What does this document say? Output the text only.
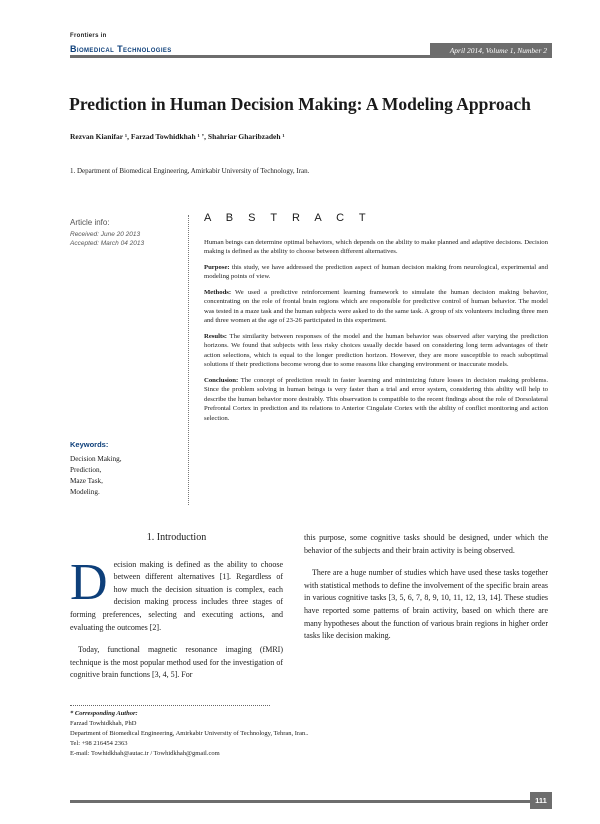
Frontiers in
Biomedical Technologies	April 2014, Volume 1, Number 2
Prediction in Human Decision Making: A Modeling Approach
Rezvan Kianifar ¹, Farzad Towhidkhah ¹ ʼ, Shahriar Gharibzadeh ¹
1. Department of Biomedical Engineering, Amirkabir University of Technology, Iran.
Article info:
Received: June 20 2013
Accepted: March 04 2013
Keywords:
Decision Making,
Prediction,
Maze Task,
Modeling.
A B S T R A C T

Human beings can determine optimal behaviors, which depends on the ability to make planned and adaptive decisions. Decision making is defined as the ability to choose between different alternatives.

Purpose: this study, we have addressed the prediction aspect of human decision making from neurological, experimental and modeling points of view.

Methods: We used a predictive reinforcement learning framework to simulate the human decision making behavior, concentrating on the role of frontal brain regions which are responsible for predictive control of human behavior. The model was tested in a maze task and the human subjects were asked to do the same task. A group of six volunteers including three men and three women at the age of 23-26 participated in this experiment.

Results: The similarity between responses of the model and the human behavior was observed after varying the prediction horizons. We found that subjects with less risky choices usually decide based on considering long term advantages of their action selections, which is equal to the longer prediction horizon. However, they are more susceptible to reach suboptimal solutions if their predictions become wrong due to some reasons like changing environment or inaccurate models.

Conclusion: The concept of prediction result in faster learning and minimizing future losses in decision making problems. Since the problem solving in human beings is very faster than a trial and error system, considering this ability will help to describe the human behavior more desirably. This observation is compatible to the recent findings about the role of Dorsolateral Prefrontal Cortex in prediction and its relations to Anterior Cingulate Cortex with the ability of conflict monitoring and action selection.

1. Introduction

Decision making is defined as the ability to choose between different alternatives [1]. Regardless of how much the decision situation is complex, each decision making process includes three stages of forming preferences, selecting and executing actions, and evaluating the outcomes [2].

Today, functional magnetic resonance imaging (fMRI) technique is the most popular method used for the investigation of cognitive brain functions [3, 4, 5]. For

this purpose, some cognitive tasks should be designed, under which the behavior of the subjects and their brain activity is being observed.

There are a huge number of studies which have used these tasks together with statistical methods to define the involvement of the specific brain areas in various cognitive tasks [3, 5, 6, 7, 8, 9, 10, 11, 12, 13, 14]. These studies have reported some patterns of brain activity, based on which there are many hypotheses about the function of various brain regions in higher order tasks like decision making.

* Corresponding Author:
Farzad Towhidkhah, PhD
Department of Biomedical Engineering, Amirkabir University of Technology, Tehran, Iran..
Tel: +98 216454 2363
E-mail: Towhidkhah@autac.ir / Towhidkhah@gmail.com
111
